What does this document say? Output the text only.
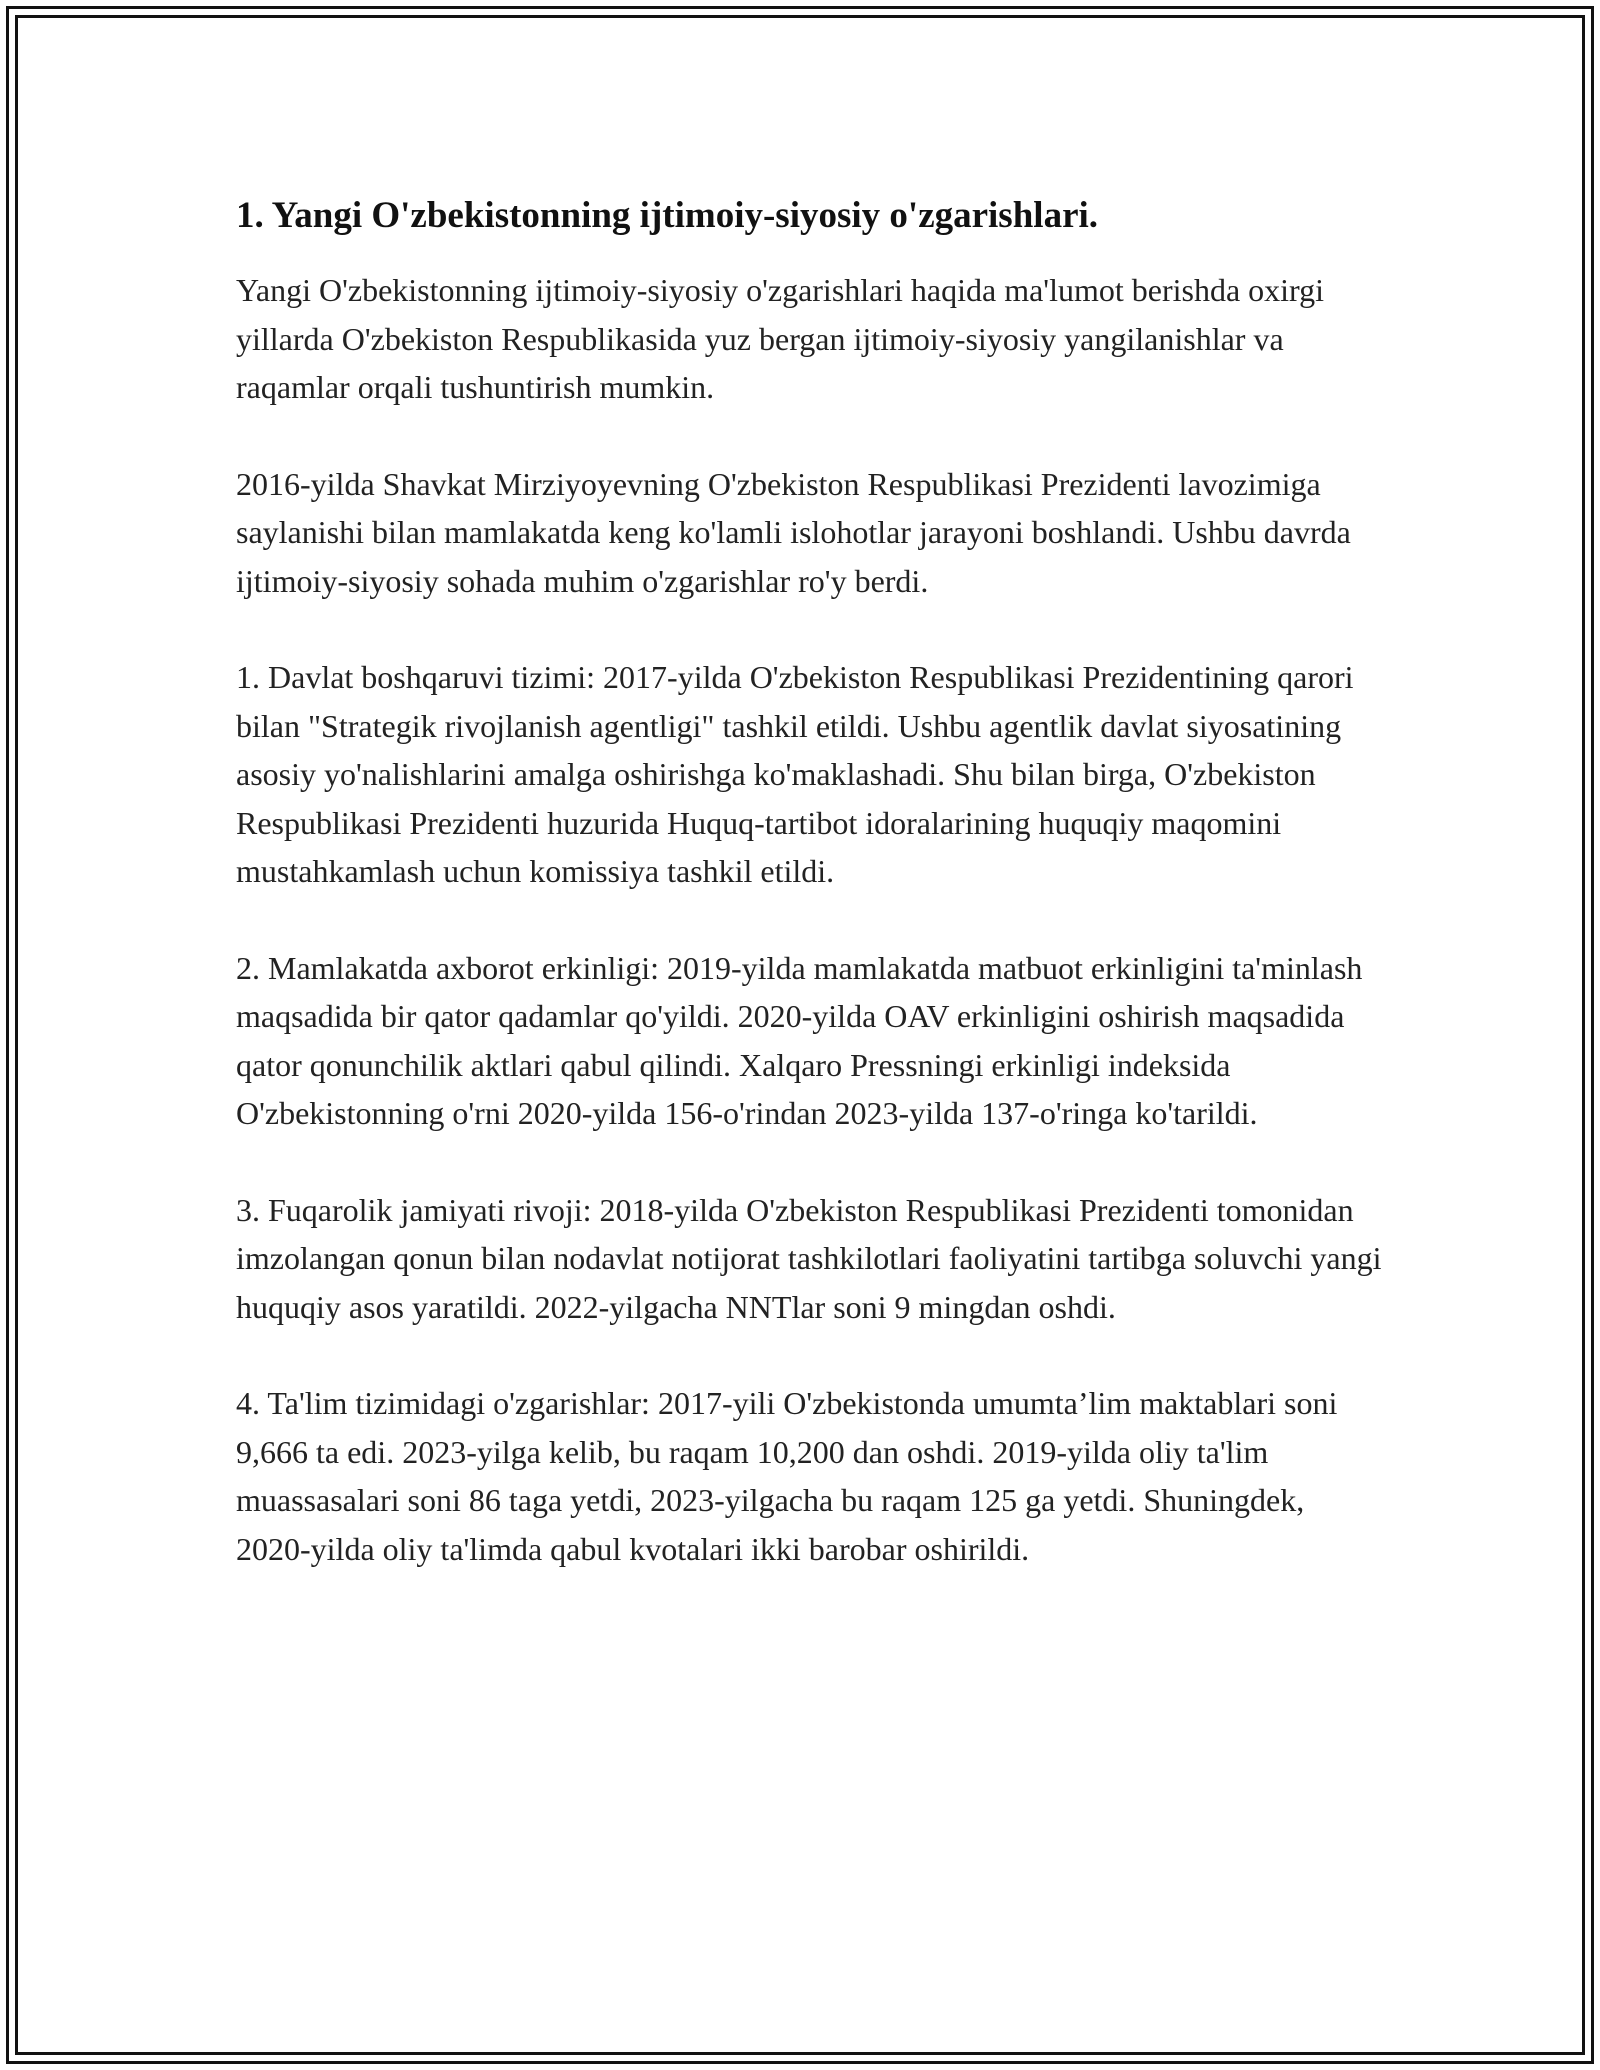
1. Yangi O'zbekistonning ijtimoiy-siyosiy o'zgarishlari.

Yangi O'zbekistonning ijtimoiy-siyosiy o'zgarishlari haqida ma'lumot berishda oxirgi yillarda O'zbekiston Respublikasida yuz bergan ijtimoiy-siyosiy yangilanishlar va raqamlar orqali tushuntirish mumkin.

2016-yilda Shavkat Mirziyoyevning O'zbekiston Respublikasi Prezidenti lavozimiga saylanishi bilan mamlakatda keng ko'lamli islohotlar jarayoni boshlandi. Ushbu davrda ijtimoiy-siyosiy sohada muhim o'zgarishlar ro'y berdi.

1. Davlat boshqaruvi tizimi: 2017-yilda O'zbekiston Respublikasi Prezidentining qarori bilan "Strategik rivojlanish agentligi" tashkil etildi. Ushbu agentlik davlat siyosatining asosiy yo'nalishlarini amalga oshirishga ko'maklashadi. Shu bilan birga, O'zbekiston Respublikasi Prezidenti huzurida Huquq-tartibot idoralarining huquqiy maqomini mustahkamlash uchun komissiya tashkil etildi.

2. Mamlakatda axborot erkinligi: 2019-yilda mamlakatda matbuot erkinligini ta'minlash maqsadida bir qator qadamlar qo'yildi. 2020-yilda OAV erkinligini oshirish maqsadida qator qonunchilik aktlari qabul qilindi. Xalqaro Pressningi erkinligi indeksida O'zbekistonning o'rni 2020-yilda 156-o'rindan 2023-yilda 137-o'ringa ko'tarildi.

3. Fuqarolik jamiyati rivoji: 2018-yilda O'zbekiston Respublikasi Prezidenti tomonidan imzolangan qonun bilan nodavlat notijorat tashkilotlari faoliyatini tartibga soluvchi yangi huquqiy asos yaratildi. 2022-yilgacha NNTlar soni 9 mingdan oshdi.

4. Ta'lim tizimidagi o'zgarishlar: 2017-yili O'zbekistonda umumta’lim maktablari soni 9,666 ta edi. 2023-yilga kelib, bu raqam 10,200 dan oshdi. 2019-yilda oliy ta'lim muassasalari soni 86 taga yetdi, 2023-yilgacha bu raqam 125 ga yetdi. Shuningdek, 2020-yilda oliy ta'limda qabul kvotalari ikki barobar oshirildi.
